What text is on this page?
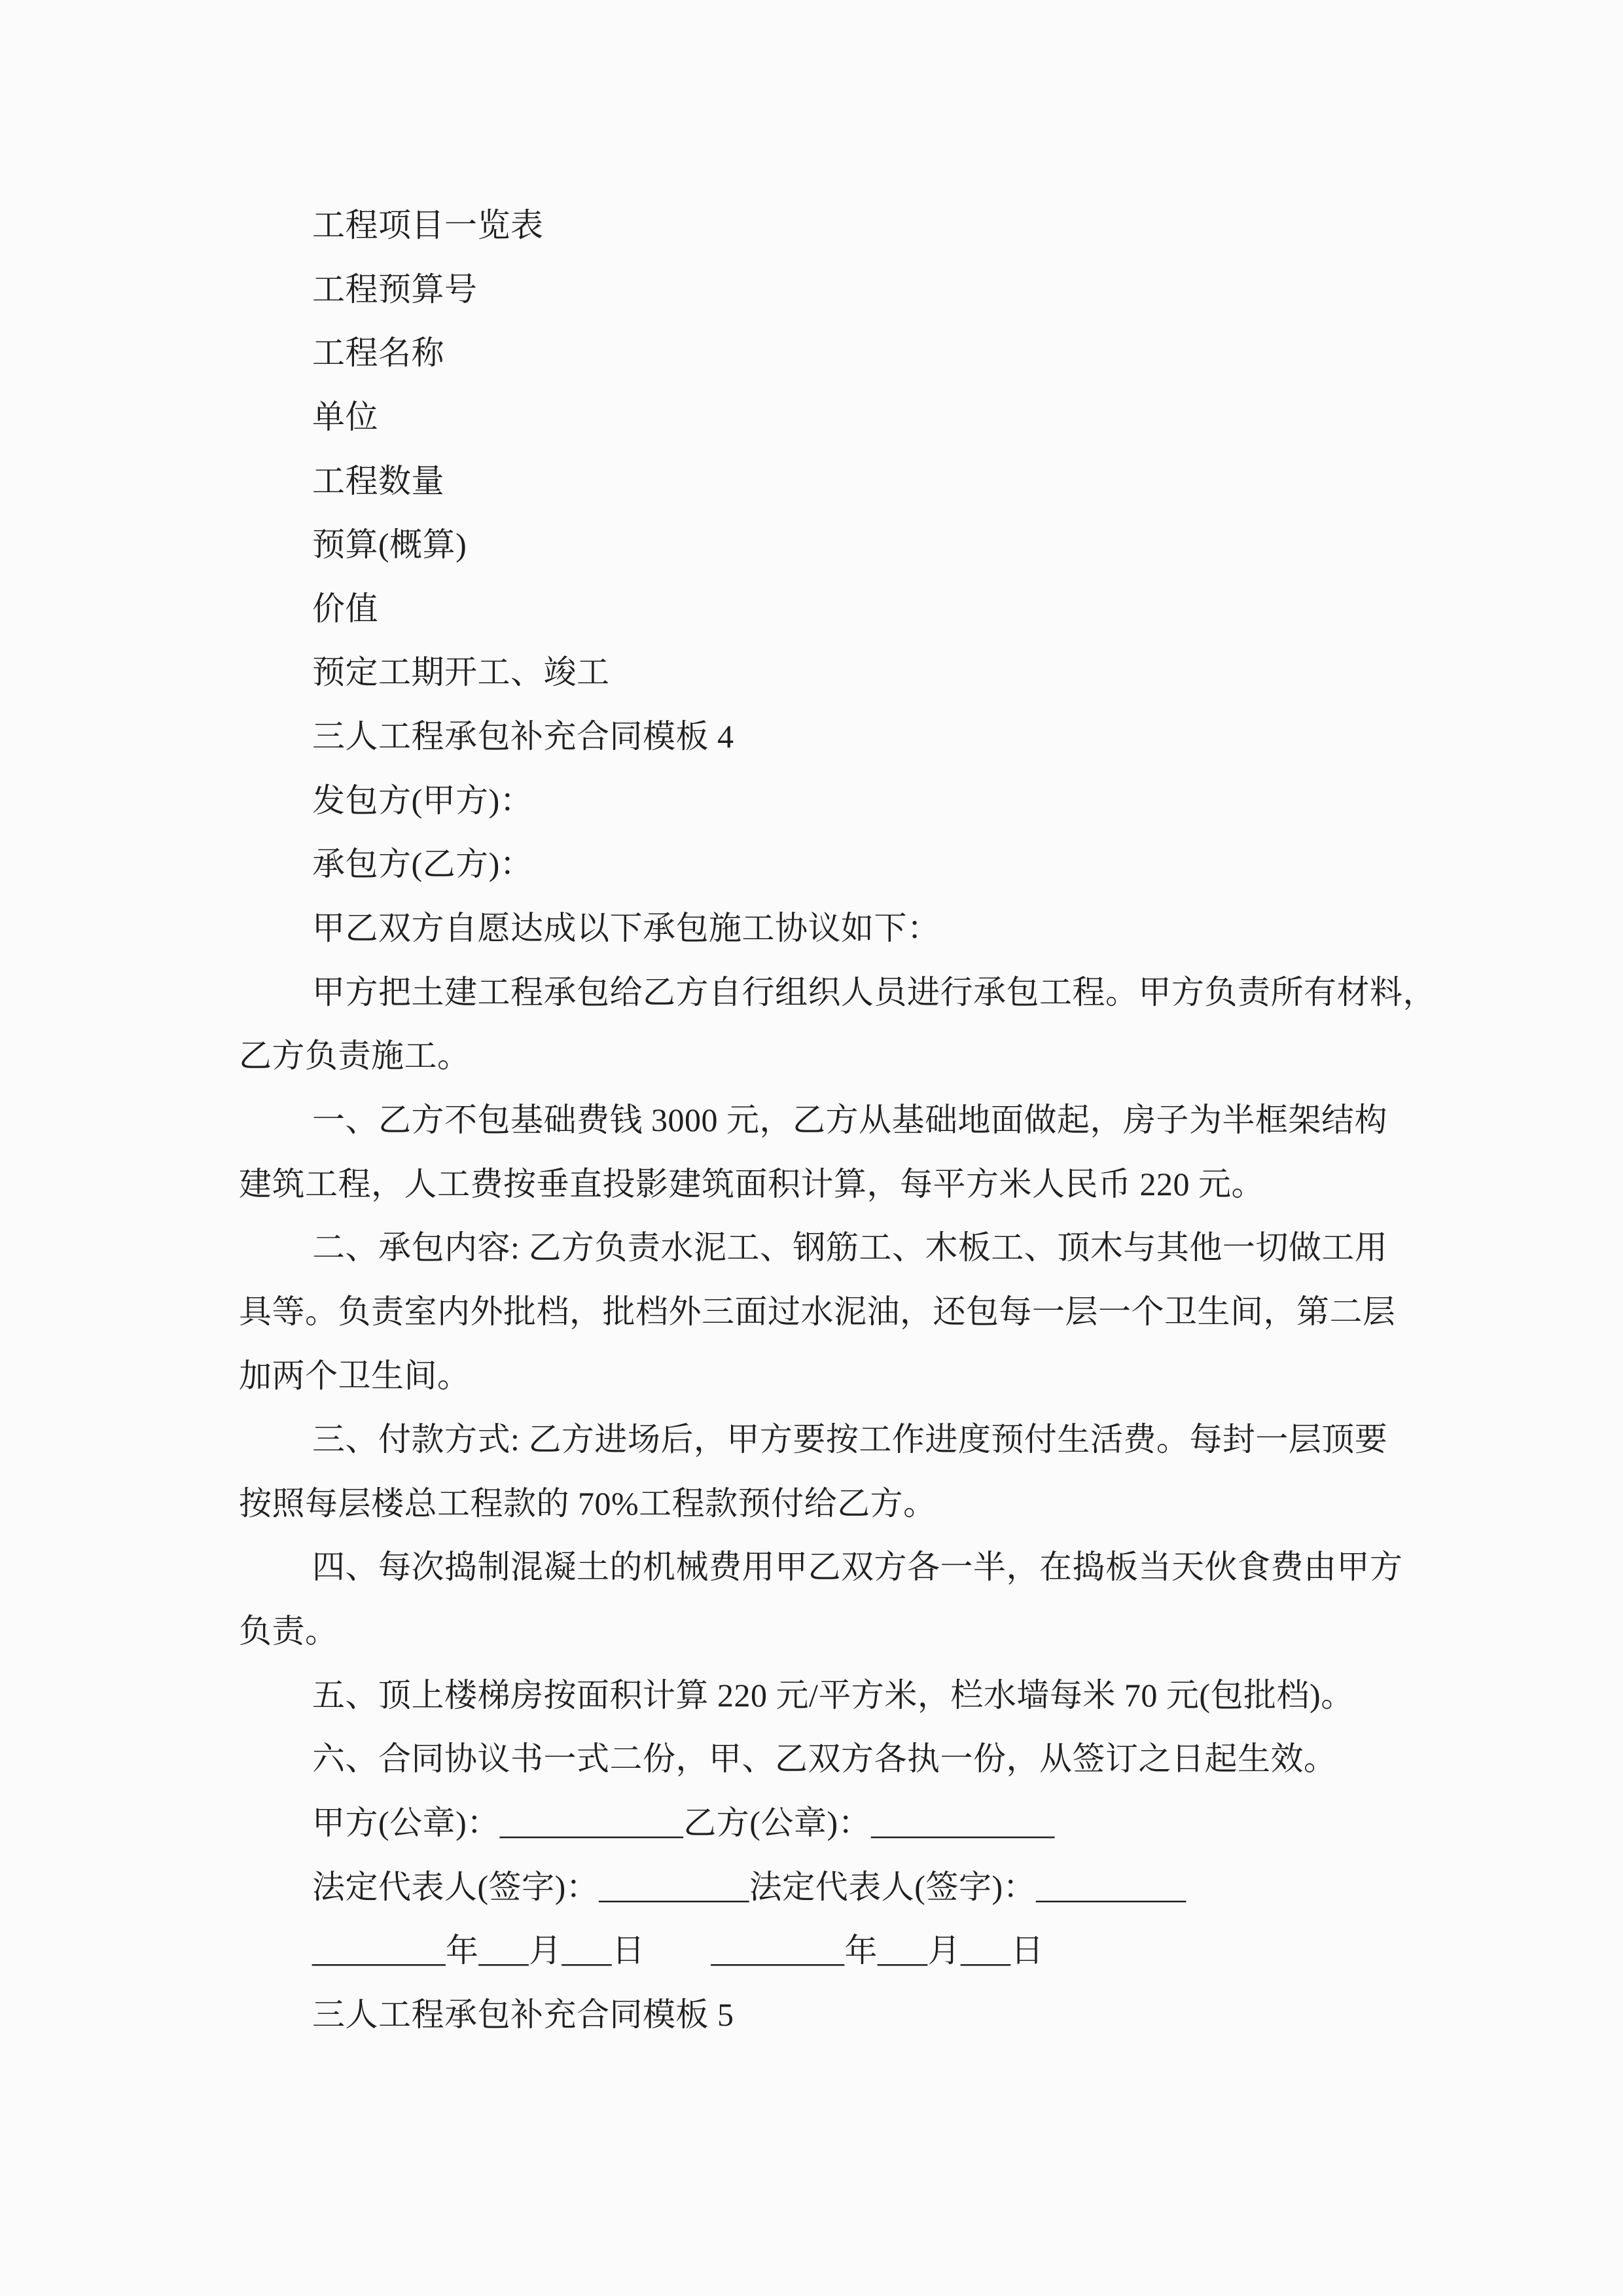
工程项目一览表
工程预算号
工程名称
单位
工程数量
预算(概算)
价值
预定工期开工、竣工
三人工程承包补充合同模板 4
发包方(甲方)：
承包方(乙方)：
甲乙双方自愿达成以下承包施工协议如下：
甲方把土建工程承包给乙方自行组织人员进行承包工程。甲方负责所有材料，
乙方负责施工。
一、乙方不包基础费钱 3000 元，乙方从基础地面做起，房子为半框架结构
建筑工程，人工费按垂直投影建筑面积计算，每平方米人民币 220 元。
二、承包内容: 乙方负责水泥工、钢筋工、木板工、顶木与其他一切做工用
具等。负责室内外批档，批档外三面过水泥油，还包每一层一个卫生间，第二层
加两个卫生间。
三、付款方式: 乙方进场后，甲方要按工作进度预付生活费。每封一层顶要
按照每层楼总工程款的 70%工程款预付给乙方。
四、每次捣制混凝土的机械费用甲乙双方各一半，在捣板当天伙食费由甲方
负责。
五、顶上楼梯房按面积计算 220 元/平方米，栏水墙每米 70 元(包批档)。
六、合同协议书一式二份，甲、乙双方各执一份，从签订之日起生效。
甲方(公章)：___________乙方(公章)：___________
法定代表人(签字)：_________法定代表人(签字)：_________
________年___月___日　　________年___月___日
三人工程承包补充合同模板 5
